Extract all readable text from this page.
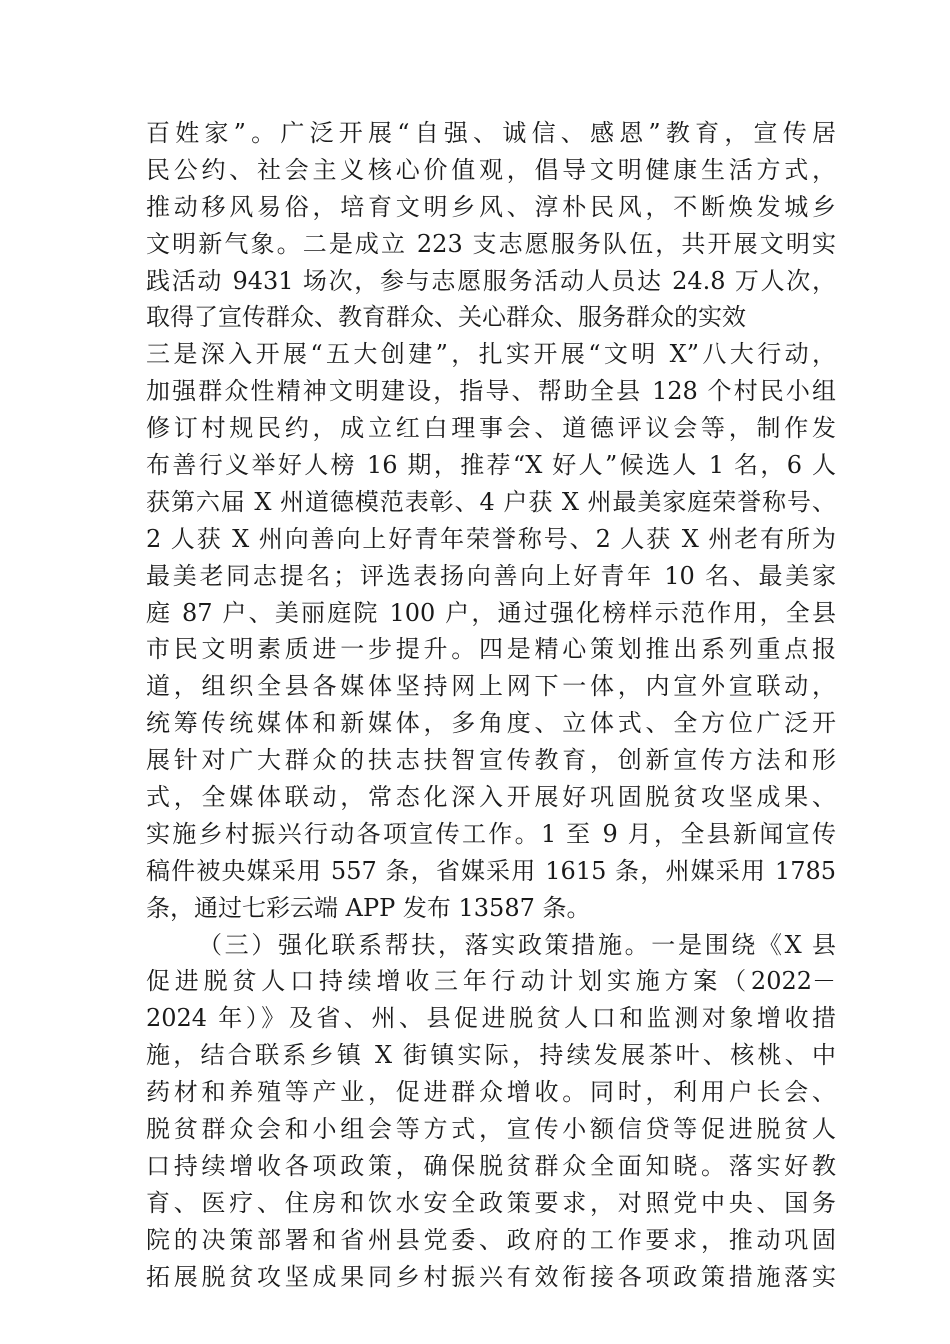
百姓家”。广泛开展“自强、诚信、感恩”教育，宣传居
民公约、社会主义核心价值观，倡导文明健康生活方式，
推动移风易俗，培育文明乡风、淳朴民风，不断焕发城乡
文明新气象。二是成立 223 支志愿服务队伍，共开展文明实
践活动 9431 场次，参与志愿服务活动人员达 24.8 万人次，
取得了宣传群众、教育群众、关心群众、服务群众的实效
三是深入开展“五大创建”，扎实开展“文明 X”八大行动，
加强群众性精神文明建设，指导、帮助全县 128 个村民小组
修订村规民约，成立红白理事会、道德评议会等，制作发
布善行义举好人榜 16 期，推荐“X 好人”候选人 1 名，6 人
获第六届 X 州道德模范表彰、4 户获 X 州最美家庭荣誉称号、
2 人获 X 州向善向上好青年荣誉称号、2 人获 X 州老有所为
最美老同志提名；评选表扬向善向上好青年 10 名、最美家
庭 87 户、美丽庭院 100 户，通过强化榜样示范作用，全县
市民文明素质进一步提升。四是精心策划推出系列重点报
道，组织全县各媒体坚持网上网下一体，内宣外宣联动，
统筹传统媒体和新媒体，多角度、立体式、全方位广泛开
展针对广大群众的扶志扶智宣传教育，创新宣传方法和形
式，全媒体联动，常态化深入开展好巩固脱贫攻坚成果、
实施乡村振兴行动各项宣传工作。1 至 9 月，全县新闻宣传
稿件被央媒采用 557 条，省媒采用 1615 条，州媒采用 1785
条，通过七彩云端 APP 发布 13587 条。
（三）强化联系帮扶，落实政策措施。一是围绕《X 县
促进脱贫人口持续增收三年行动计划实施方案（2022－
2024 年）》及省、州、县促进脱贫人口和监测对象增收措
施，结合联系乡镇 X 街镇实际，持续发展茶叶、核桃、中
药材和养殖等产业，促进群众增收。同时，利用户长会、
脱贫群众会和小组会等方式，宣传小额信贷等促进脱贫人
口持续增收各项政策，确保脱贫群众全面知晓。落实好教
育、医疗、住房和饮水安全政策要求，对照党中央、国务
院的决策部署和省州县党委、政府的工作要求，推动巩固
拓展脱贫攻坚成果同乡村振兴有效衔接各项政策措施落实
